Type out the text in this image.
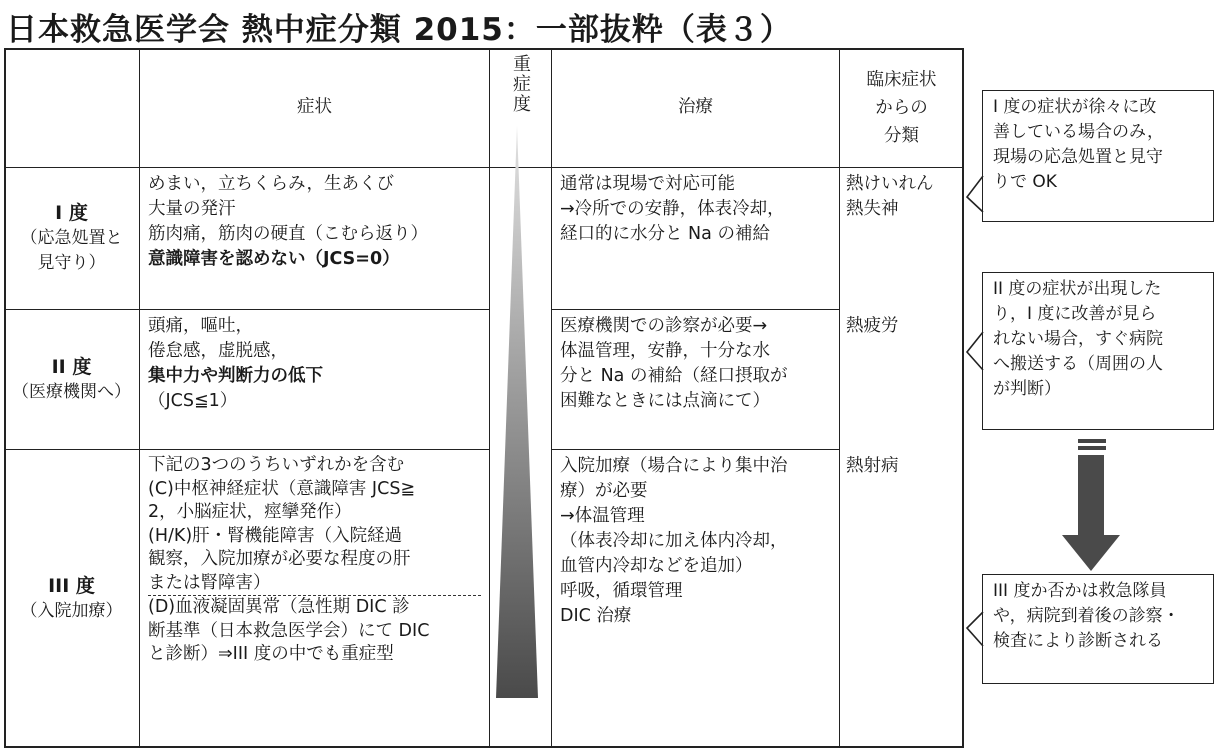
日本救急医学会 熱中症分類 2015：一部抜粋（表３）
症状	重症度	治療
臨床症状
からの
分類
I 度
（応急処置と
見守り）
めまい，立ちくらみ，生あくび
大量の発汗
筋肉痛，筋肉の硬直（こむら返り）
意識障害を認めない（JCS=0）
通常は現場で対応可能
→冷所での安静，体表冷却，
経口的に水分と Na の補給
II 度
（医療機関へ）
頭痛，嘔吐，
倦怠感，虚脱感，
集中力や判断力の低下
（JCS≦1）
医療機関での診察が必要→
体温管理，安静，十分な水
分と Na の補給（経口摂取が
困難なときには点滴にて）
III 度
（入院加療）
下記の3つのうちいずれかを含む
(C)中枢神経症状（意識障害 JCS≧
2，小脳症状，痙攣発作）
(H/K)肝・腎機能障害（入院経過
観察，入院加療が必要な程度の肝
または腎障害）
(D)血液凝固異常（急性期 DIC 診
断基準（日本救急医学会）にて DIC
と診断）⇒III 度の中でも重症型
入院加療（場合により集中治
療）が必要
→体温管理
（体表冷却に加え体内冷却，
血管内冷却などを追加）
呼吸，循環管理
DIC 治療
熱けいれん
熱失神
熱疲労
熱射病
I 度の症状が徐々に改
善している場合のみ，
現場の応急処置と見守
りで OK
II 度の症状が出現した
り，I 度に改善が見ら
れない場合，すぐ病院
へ搬送する（周囲の人
が判断）
III 度か否かは救急隊員
や，病院到着後の診察・
検査により診断される
